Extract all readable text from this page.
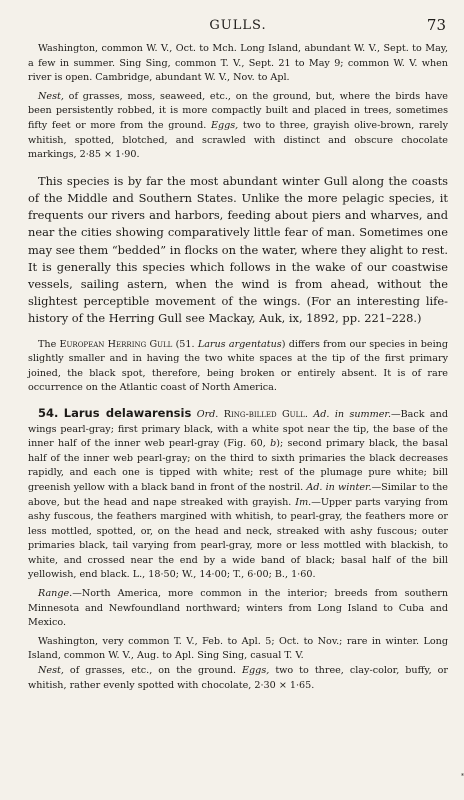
GULLS.	73

Washington, common W. V., Oct. to Mch. Long Island, abundant W. V., Sept. to May, a few in summer. Sing Sing, common T. V., Sept. 21 to May 9; common W. V. when river is open. Cambridge, abundant W. V., Nov. to Apl.

Nest, of grasses, moss, seaweed, etc., on the ground, but, where the birds have been persistently robbed, it is more compactly built and placed in trees, sometimes fifty feet or more from the ground. Eggs, two to three, grayish olive-brown, rarely whitish, spotted, blotched, and scrawled with distinct and obscure chocolate markings, 2·85 × 1·90.

This species is by far the most abundant winter Gull along the coasts of the Middle and Southern States. Unlike the more pelagic species, it frequents our rivers and harbors, feeding about piers and wharves, and near the cities showing comparatively little fear of man. Sometimes one may see them “bedded” in flocks on the water, where they alight to rest. It is generally this species which follows in the wake of our coastwise vessels, sailing astern, when the wind is from ahead, without the slightest perceptible movement of the wings. (For an interesting life-history of the Herring Gull see Mackay, Auk, ix, 1892, pp. 221–228.)

The European Herring Gull (51. Larus argentatus) differs from our species in being slightly smaller and in having the two white spaces at the tip of the first primary joined, the black spot, therefore, being broken or entirely absent. It is of rare occurrence on the Atlantic coast of North America.

54. Larus delawarensis Ord. Ring-billed Gull. Ad. in summer.—Back and wings pearl-gray; first primary black, with a white spot near the tip, the base of the inner half of the inner web pearl-gray (Fig. 60, b); second primary black, the basal half of the inner web pearl-gray; on the third to sixth primaries the black decreases rapidly, and each one is tipped with white; rest of the plumage pure white; bill greenish yellow with a black band in front of the nostril. Ad. in winter.—Similar to the above, but the head and nape streaked with grayish. Im.—Upper parts varying from ashy fuscous, the feathers margined with whitish, to pearl-gray, the feathers more or less mottled, spotted, or, on the head and neck, streaked with ashy fuscous; outer primaries black, tail varying from pearl-gray, more or less mottled with blackish, to white, and crossed near the end by a wide band of black; basal half of the bill yellowish, end black. L., 18·50; W., 14·00; T., 6·00; B., 1·60.

Range.—North America, more common in the interior; breeds from southern Minnesota and Newfoundland northward; winters from Long Island to Cuba and Mexico.

Washington, very common T. V., Feb. to Apl. 5; Oct. to Nov.; rare in winter. Long Island, common W. V., Aug. to Apl. Sing Sing, casual T. V.

Nest, of grasses, etc., on the ground. Eggs, two to three, clay-color, buffy, or whitish, rather evenly spotted with chocolate, 2·30 × 1·65.

*
